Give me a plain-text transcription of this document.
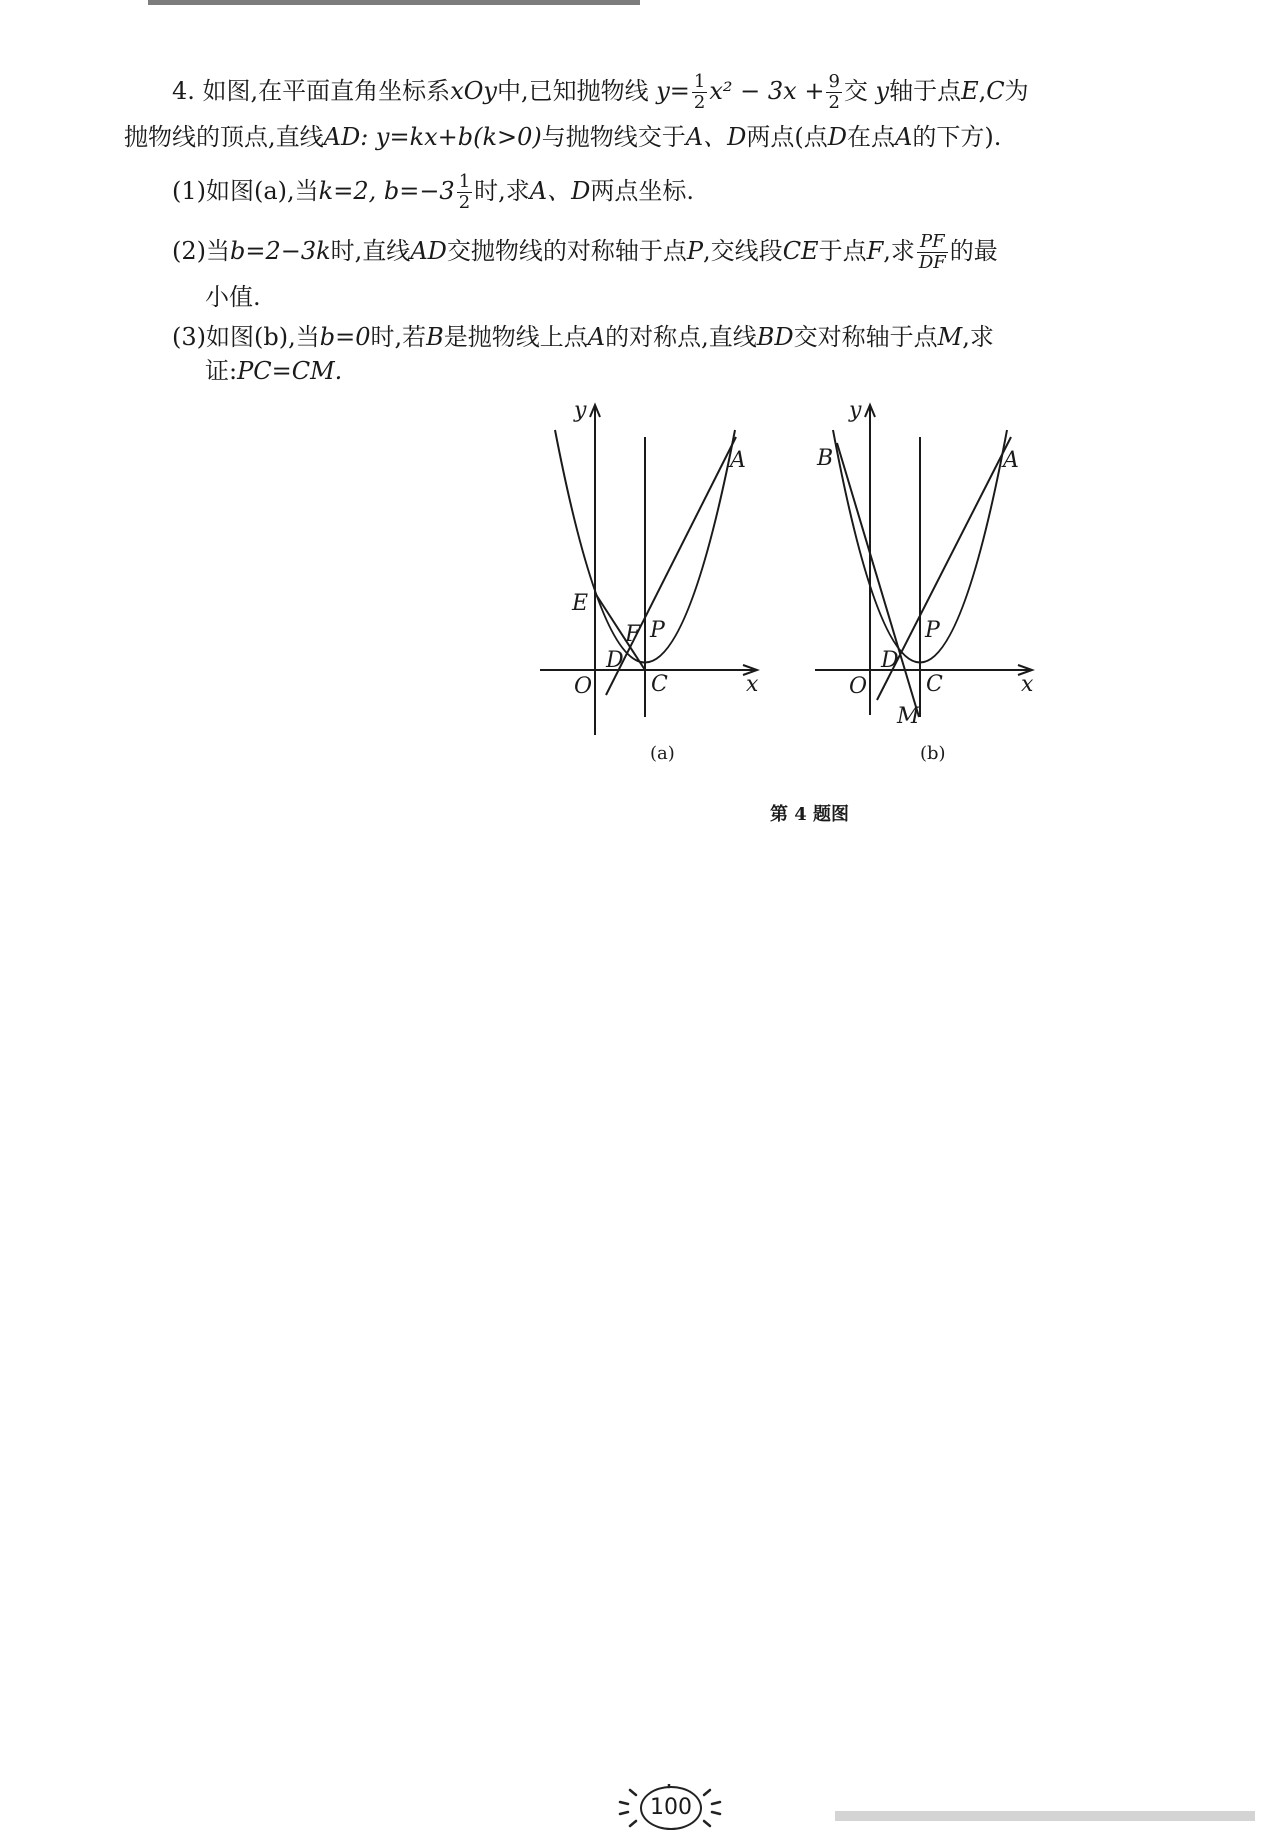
4. 如图,在平面直角坐标系xOy中,已知抛物线 $y= \frac{1}{2} x^2 - 3x + \frac{9}{2}$ 交 y轴于点E,C为
抛物线的顶点,直线AD: y=kx+b(k>0)与抛物线交于A、D两点(点D在点A的下方).
(1)如图(a),当k=2, $b=-3 \frac{1}{2}$ 时,求A、D两点坐标.
(2)当b=2−3k时,直线AD交抛物线的对称轴于点P,交线段CE于点F,求 $\frac{PF}{DF}$ 的最
小值.
(3)如图(b),当b=0时,若B是抛物线上点A的对称点,直线BD交对称轴于点M,求
证:PC=CM.
y
x
O	C
E
F P
D
A
(a)
y
x
O	C
B	A
P
D
M
(b)
第 4 题图
100
